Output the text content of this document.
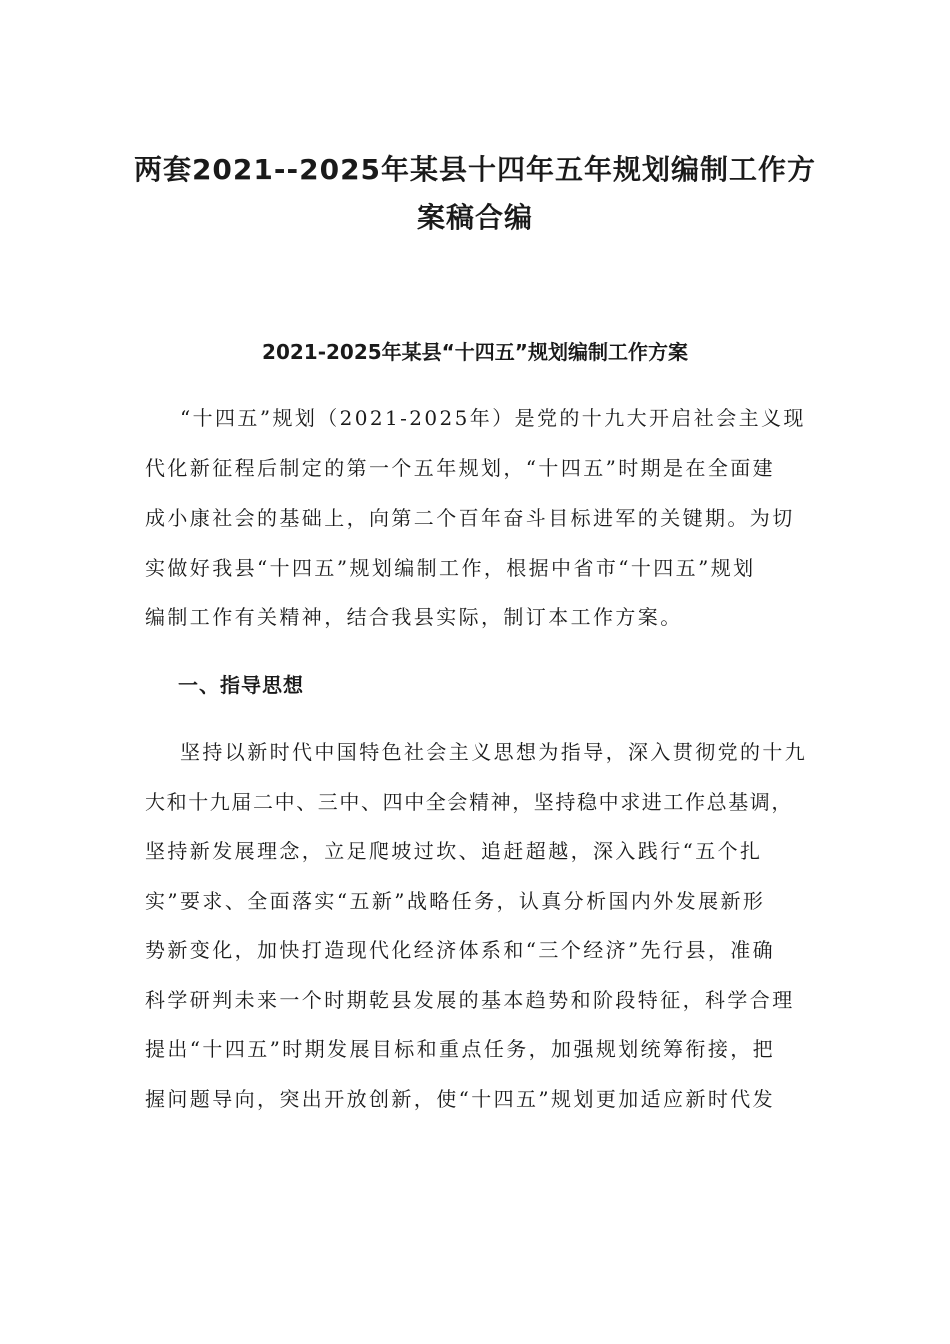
两套2021--2025年某县十四年五年规划编制工作方
案稿合编
2021-2025年某县“十四五”规划编制工作方案
“十四五”规划（2021-2025年）是党的十九大开启社会主义现
代化新征程后制定的第一个五年规划，“十四五”时期是在全面建
成小康社会的基础上，向第二个百年奋斗目标进军的关键期。为切
实做好我县“十四五”规划编制工作，根据中省市“十四五”规划
编制工作有关精神，结合我县实际，制订本工作方案。
一、指导思想
坚持以新时代中国特色社会主义思想为指导，深入贯彻党的十九
大和十九届二中、三中、四中全会精神，坚持稳中求进工作总基调，
坚持新发展理念，立足爬坡过坎、追赶超越，深入践行“五个扎
实”要求、全面落实“五新”战略任务，认真分析国内外发展新形
势新变化，加快打造现代化经济体系和“三个经济”先行县，准确
科学研判未来一个时期乾县发展的基本趋势和阶段特征，科学合理
提出“十四五”时期发展目标和重点任务，加强规划统筹衔接，把
握问题导向，突出开放创新，使“十四五”规划更加适应新时代发
